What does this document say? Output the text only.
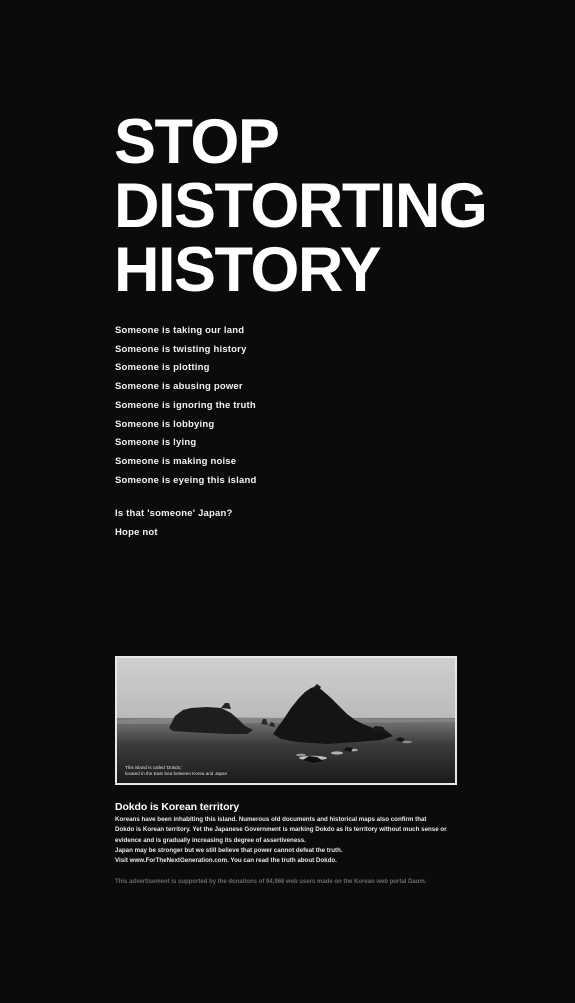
STOP
DISTORTING
HISTORY
Someone is taking our land
Someone is twisting history
Someone is plotting
Someone is abusing power
Someone is ignoring the truth
Someone is lobbying
Someone is lying
Someone is making noise
Someone is eyeing this island
Is that 'someone' Japan?
Hope not
This island is called 'Dokdo,'
located in the East Sea between Korea and Japan
Dokdo is Korean territory
Koreans have been inhabiting this island. Numerous old documents and historical maps also confirm that
Dokdo is Korean territory. Yet the Japanese Government is marking Dokdo as its territory without much sense or
evidence and is gradually increasing its degree of assertiveness.
Japan may be stronger but we still believe that power cannot defeat the truth.
Visit www.ForTheNextGeneration.com. You can read the truth about Dokdo.
This advertisement is supported by the donations of 94,966 web users made on the Korean web portal Daum.
